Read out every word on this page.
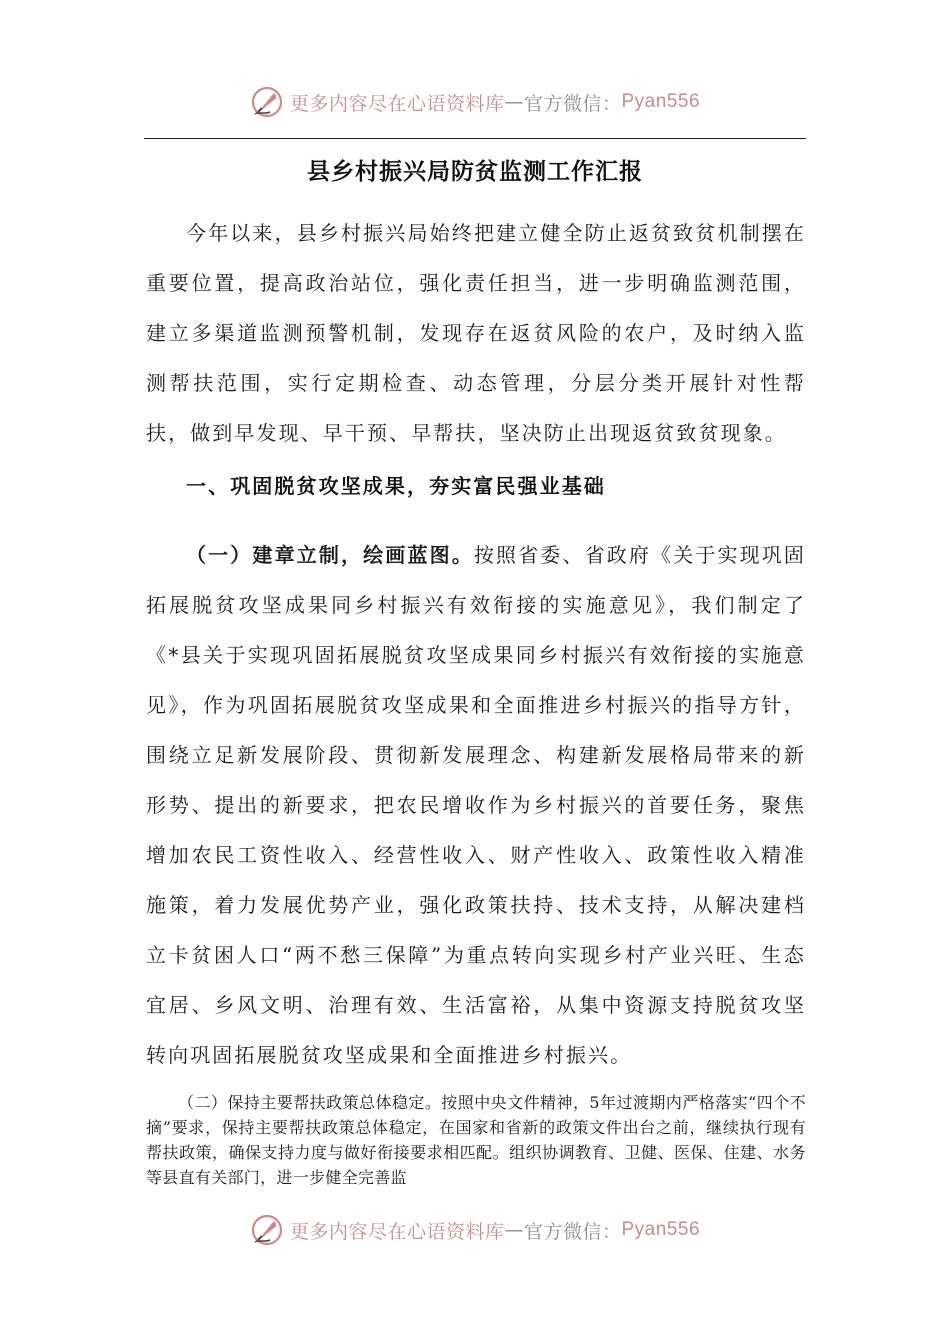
更多内容尽在心语资料库 — 官方微信： Pyan556
县乡村振兴局防贫监测工作汇报
今年以来，县乡村振兴局始终把建立健全防止返贫致贫机制摆在重要位置，提高政治站位，强化责任担当，进一步明确监测范围，建立多渠道监测预警机制，发现存在返贫风险的农户，及时纳入监测帮扶范围，实行定期检查、动态管理，分层分类开展针对性帮扶，做到早发现、早干预、早帮扶，坚决防止出现返贫致贫现象。
一、巩固脱贫攻坚成果，夯实富民强业基础
（一）建章立制，绘画蓝图。按照省委、省政府《关于实现巩固拓展脱贫攻坚成果同乡村振兴有效衔接的实施意见》，我们制定了《*县关于实现巩固拓展脱贫攻坚成果同乡村振兴有效衔接的实施意见》，作为巩固拓展脱贫攻坚成果和全面推进乡村振兴的指导方针，围绕立足新发展阶段、贯彻新发展理念、构建新发展格局带来的新形势、提出的新要求，把农民增收作为乡村振兴的首要任务，聚焦增加农民工资性收入、经营性收入、财产性收入、政策性收入精准施策，着力发展优势产业，强化政策扶持、技术支持，从解决建档立卡贫困人口“两不愁三保障”为重点转向实现乡村产业兴旺、生态宜居、乡风文明、治理有效、生活富裕，从集中资源支持脱贫攻坚转向巩固拓展脱贫攻坚成果和全面推进乡村振兴。
（二）保持主要帮扶政策总体稳定。按照中央文件精神，5年过渡期内严格落实“四个不摘”要求，保持主要帮扶政策总体稳定，在国家和省新的政策文件出台之前，继续执行现有帮扶政策，确保支持力度与做好衔接要求相匹配。组织协调教育、卫健、医保、住建、水务等县直有关部门，进一步健全完善监
更多内容尽在心语资料库 — 官方微信： Pyan556
